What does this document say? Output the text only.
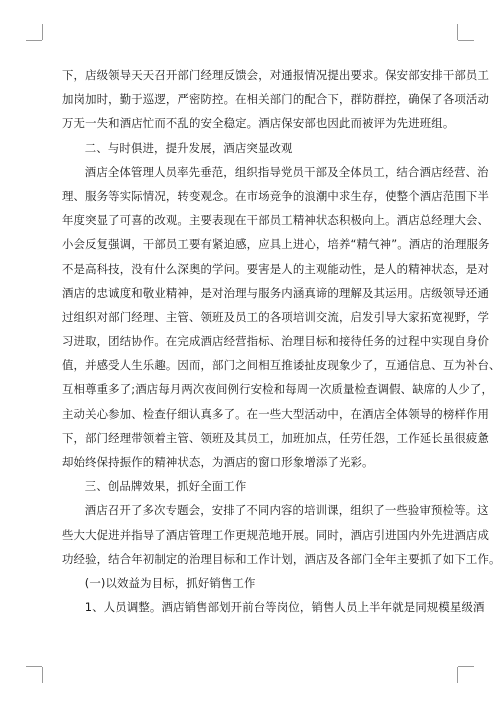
下，店级领导天天召开部门经理反馈会，对通报情况提出要求。保安部安排干部员工
加岗加时，勤于巡逻，严密防控。在相关部门的配合下，群防群控，确保了各项活动
万无一失和酒店忙而不乱的安全稳定。酒店保安部也因此而被评为先进班组。
二、与时俱进，提升发展，酒店突显改观
酒店全体管理人员率先垂范，组织指导党员干部及全体员工，结合酒店经营、治
理、服务等实际情况，转变观念。在市场竞争的浪潮中求生存，使整个酒店范围下半
年度突显了可喜的改观。主要表现在干部员工精神状态积极向上。酒店总经理大会、
小会反复强调，干部员工要有紧迫感，应具上进心，培养“精气神”。酒店的治理服务
不是高科技，没有什么深奥的学问。要害是人的主观能动性，是人的精神状态，是对
酒店的忠诚度和敬业精神，是对治理与服务内涵真谛的理解及其运用。店级领导还通
过组织对部门经理、主管、领班及员工的各项培训交流，启发引导大家拓宽视野，学
习进取，团结协作。在完成酒店经营指标、治理目标和接待任务的过程中实现自身价
值，并感受人生乐趣。因而，部门之间相互推诿扯皮现象少了，互通信息、互为补台、
互相尊重多了;酒店每月两次夜间例行安检和每周一次质量检查调假、缺席的人少了，
主动关心参加、检查仔细认真多了。在一些大型活动中，在酒店全体领导的榜样作用
下，部门经理带领着主管、领班及其员工，加班加点，任劳任怨，工作延长虽很疲惫
却始终保持振作的精神状态，为酒店的窗口形象增添了光彩。
三、创品牌效果，抓好全面工作
酒店召开了多次专题会，安排了不同内容的培训课，组织了一些验审预检等。这
些大大促进并指导了酒店管理工作更规范地开展。同时，酒店引进国内外先进酒店成
功经验，结合年初制定的治理目标和工作计划，酒店及各部门全年主要抓了如下工作。
(一)以效益为目标，抓好销售工作
1、人员调整。酒店销售部划开前台等岗位，销售人员上半年就是同规模星级酒
